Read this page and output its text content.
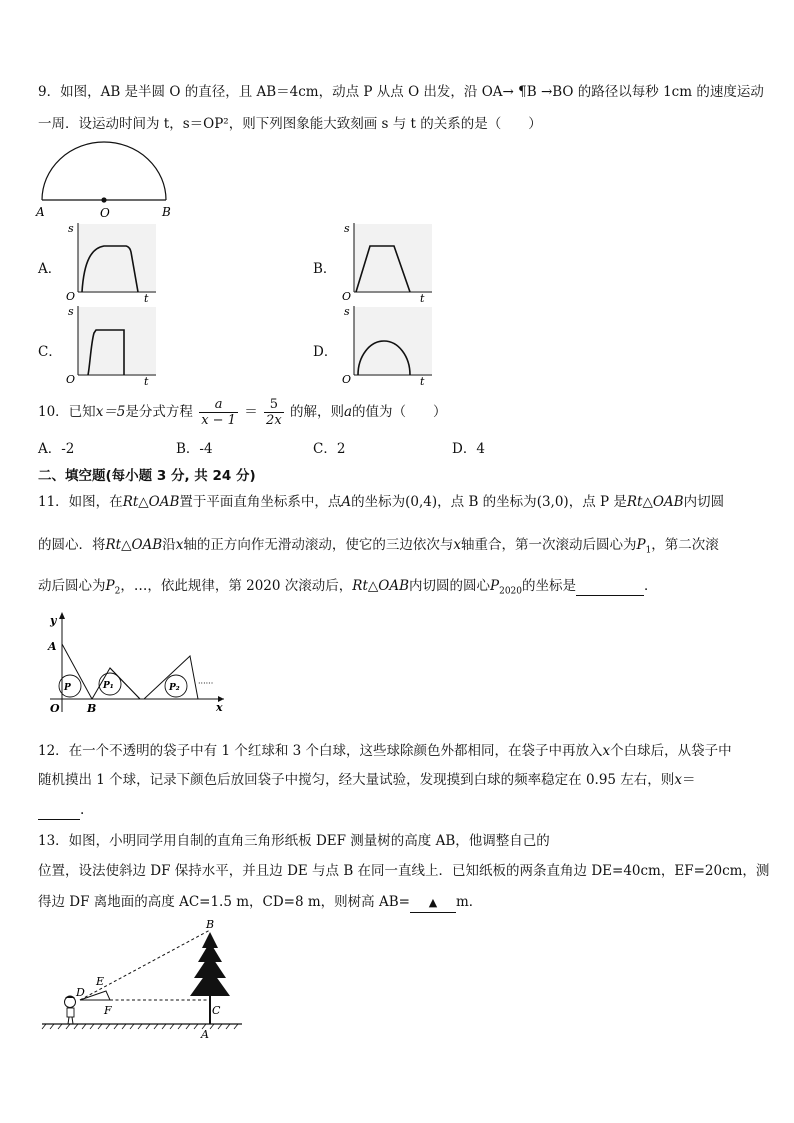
9．如图，AB 是半圆 O 的直径，且 AB＝4cm，动点 P 从点 O 出发，沿 OA→ ¶B →BO 的路径以每秒 1cm 的速度运动
一周．设运动时间为 t，s＝OP²，则下列图象能大致刻画 s 与 t 的关系的是（　　）
A	O	B
A．
s
O	t
B．
s
O	t
C．
s
O	t
D．
s
O	t
10．已知x＝5是分式方程 $\frac{a}{x - 1} = \frac{5}{2x}$ 的解，则a的值为（　　）
A．-2	B．-4	C．2	D．4
二、填空题(每小题 3 分, 共 24 分)
11．如图，在Rt△OAB置于平面直角坐标系中，点A的坐标为(0,4)，点 B 的坐标为(3,0)，点 P 是Rt△OAB内切圆
的圆心．将Rt△OAB沿x轴的正方向作无滑动滚动，使它的三边依次与x轴重合，第一次滚动后圆心为$P_1$，第二次滚
动后圆心为$P_2$，…，依此规律，第 2020 次滚动后，Rt△OAB内切圆的圆心$P_{2020}$的坐标是	．
y
A
O B	x
P	P₁	P₂ ······
12．在一个不透明的袋子中有 1 个红球和 3 个白球，这些球除颜色外都相同，在袋子中再放入x个白球后，从袋子中
随机摸出 1 个球，记录下颜色后放回袋子中搅匀，经大量试验，发现摸到白球的频率稳定在 0.95 左右，则x＝
.
13．如图，小明同学用自制的直角三角形纸板 DEF 测量树的高度 AB，他调整自己的
位置，设法使斜边 DF 保持水平，并且边 DE 与点 B 在同一直线上．已知纸板的两条直角边 DE=40cm，EF=20cm，测
得边 DF 离地面的高度 AC=1.5 m，CD=8 m，则树高 AB= ▲ m．
B
E
D
F	C
A
